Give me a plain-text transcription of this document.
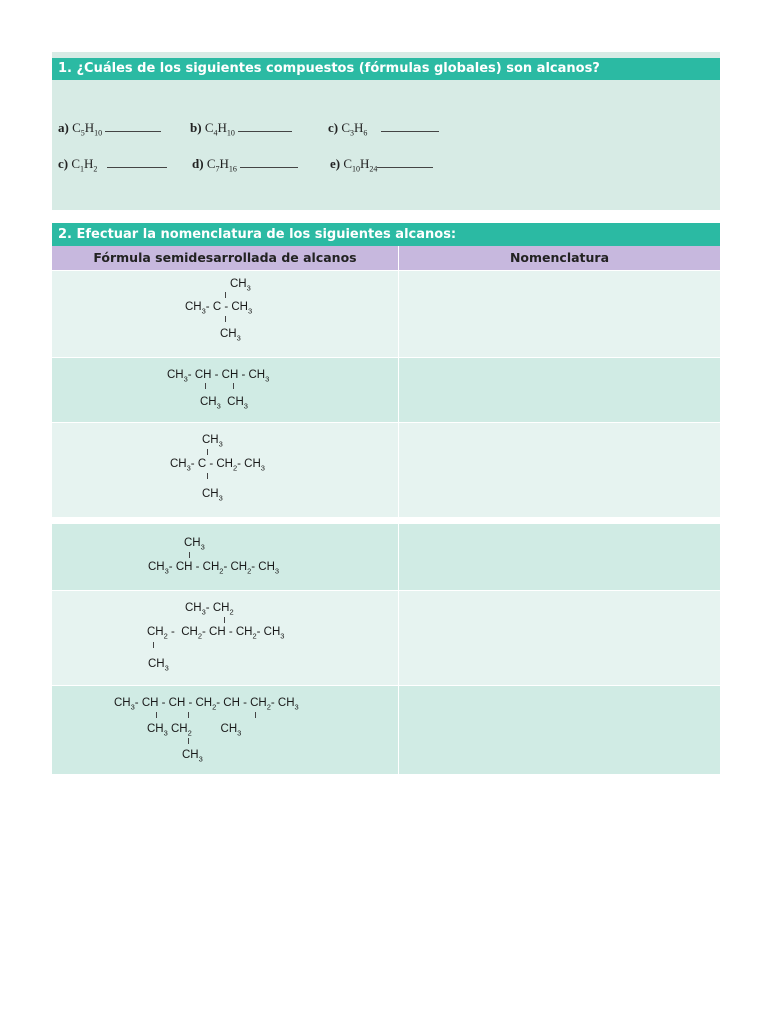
1. ¿Cuáles de los siguientes compuestos (fórmulas globales) son alcanos?
a) $C_5H_{10}$	b) $C_4H_{10}$	c) $C_3H_6$
c) $C_1H_2$	d) $C_7H_{16}$	e) $C_{10}H_{24}$
2. Efectuar la nomenclatura de los siguientes alcanos:
Fórmula semidesarrollada de alcanos	Nomenclatura
$CH_3$
$CH_3-$ C - $CH_3$
$CH_3$
$CH_3-$ CH - CH - $CH_3$
$CH_3$  $CH_3$
$CH_3$
$CH_3-$ C - $CH_2-$ $CH_3$
$CH_3$
$CH_3$
$CH_3-$ CH - $CH_2-$ $CH_2-$ $CH_3$
$CH_3-$ $CH_2$
$CH_2 - CH_2-$ CH - $CH_2-$ $CH_3$
$CH_3$
$CH_3-$ CH - CH - $CH_2-$ CH - $CH_2-$ $CH_3$
$CH_3$ $CH_2$         $CH_3$
$CH_3$
